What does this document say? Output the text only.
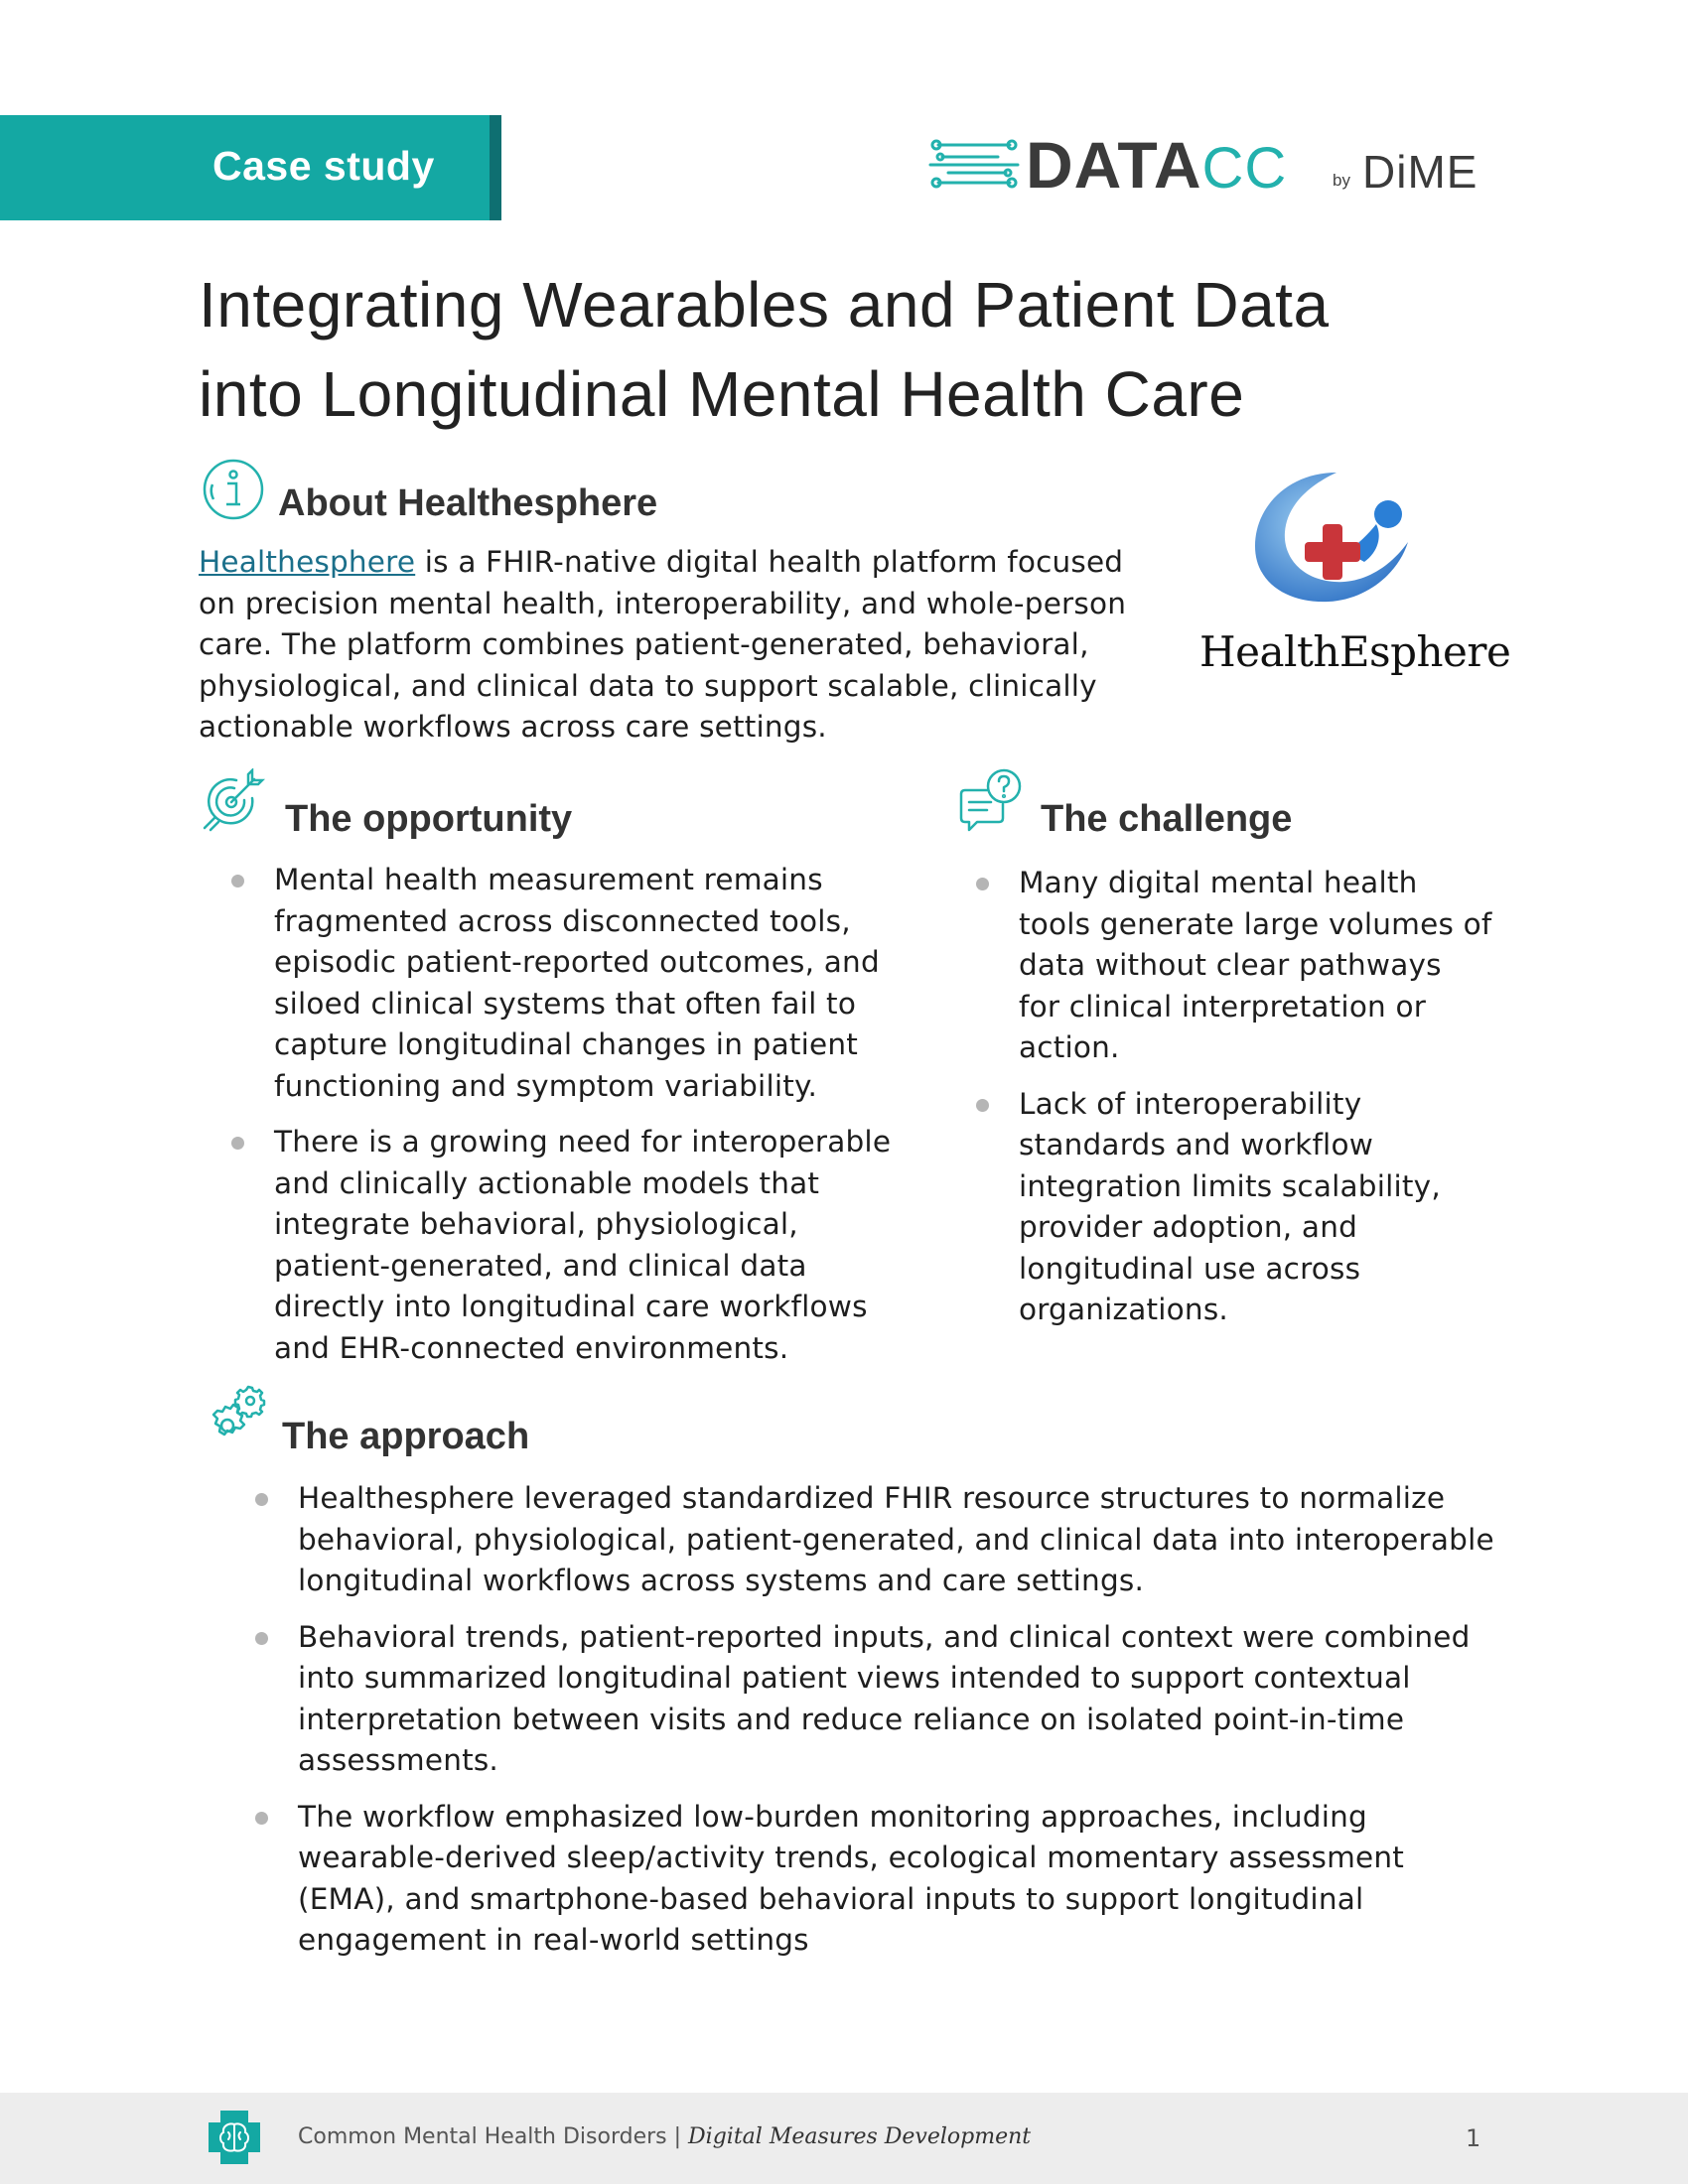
Case study	DATACC	by DiME
Integrating Wearables and Patient Data
into Longitudinal Mental Health Care
About Healthesphere
Healthesphere is a FHIR-native digital health platform focused
on precision mental health, interoperability, and whole-person
care. The platform combines patient-generated, behavioral,
physiological, and clinical data to support scalable, clinically
actionable workflows across care settings.
HealthEsphere
The opportunity
Mental health measurement remains
fragmented across disconnected tools,
episodic patient-reported outcomes, and
siloed clinical systems that often fail to
capture longitudinal changes in patient
functioning and symptom variability.
There is a growing need for interoperable
and clinically actionable models that
integrate behavioral, physiological,
patient-generated, and clinical data
directly into longitudinal care workflows
and EHR-connected environments.
The challenge
Many digital mental health
tools generate large volumes of
data without clear pathways
for clinical interpretation or
action.
Lack of interoperability
standards and workflow
integration limits scalability,
provider adoption, and
longitudinal use across
organizations.
The approach
Healthesphere leveraged standardized FHIR resource structures to normalize
behavioral, physiological, patient-generated, and clinical data into interoperable
longitudinal workflows across systems and care settings.
Behavioral trends, patient-reported inputs, and clinical context were combined
into summarized longitudinal patient views intended to support contextual
interpretation between visits and reduce reliance on isolated point-in-time
assessments.
The workflow emphasized low-burden monitoring approaches, including
wearable-derived sleep/activity trends, ecological momentary assessment
(EMA), and smartphone-based behavioral inputs to support longitudinal
engagement in real-world settings
Common Mental Health Disorders | Digital Measures Development	1
